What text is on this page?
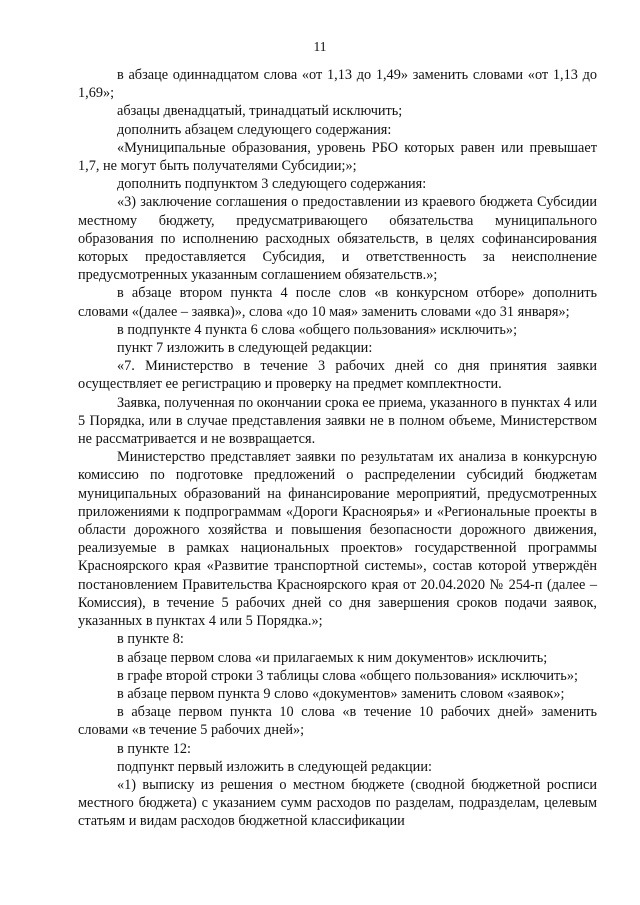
11

в абзаце одиннадцатом слова «от 1,13 до 1,49» заменить словами «от 1,13 до 1,69»;

абзацы двенадцатый, тринадцатый исключить;

дополнить абзацем следующего содержания:

«Муниципальные образования, уровень РБО которых равен или превышает 1,7, не могут быть получателями Субсидии;»;

дополнить подпунктом 3 следующего содержания:

«3) заключение соглашения о предоставлении из краевого бюджета Субсидии местному бюджету, предусматривающего обязательства муниципального образования по исполнению расходных обязательств, в целях софинансирования которых предоставляется Субсидия, и ответственность за неисполнение предусмотренных указанным соглашением обязательств.»;

в абзаце втором пункта 4 после слов «в конкурсном отборе» дополнить словами «(далее – заявка)», слова «до 10 мая» заменить словами «до 31 января»;

в подпункте 4 пункта 6 слова «общего пользования» исключить»;

пункт 7 изложить в следующей редакции:

«7. Министерство в течение 3 рабочих дней со дня принятия заявки осуществляет ее регистрацию и проверку на предмет комплектности.

Заявка, полученная по окончании срока ее приема, указанного в пунктах 4 или 5 Порядка, или в случае представления заявки не в полном объеме, Министерством не рассматривается и не возвращается.

Министерство представляет заявки по результатам их анализа в конкурсную комиссию по подготовке предложений о распределении субсидий бюджетам муниципальных образований на финансирование мероприятий, предусмотренных приложениями к подпрограммам «Дороги Красноярья» и «Региональные проекты в области дорожного хозяйства и повышения безопасности дорожного движения, реализуемые в рамках национальных проектов» государственной программы Красноярского края «Развитие транспортной системы», состав которой утверждён постановлением Правительства Красноярского края от 20.04.2020 № 254-п (далее – Комиссия), в течение 5 рабочих дней со дня завершения сроков подачи заявок, указанных в пунктах 4 или 5 Порядка.»;

в пункте 8:

в абзаце первом слова «и прилагаемых к ним документов» исключить;

в графе второй строки 3 таблицы слова «общего пользования» исключить»;

в абзаце первом пункта 9 слово «документов» заменить словом «заявок»;

в абзаце первом пункта 10 слова «в течение 10 рабочих дней» заменить словами «в течение 5 рабочих дней»;

в пункте 12:

подпункт первый изложить в следующей редакции:

«1) выписку из решения о местном бюджете (сводной бюджетной росписи местного бюджета) с указанием сумм расходов по разделам, подразделам, целевым статьям и видам расходов бюджетной классификации
